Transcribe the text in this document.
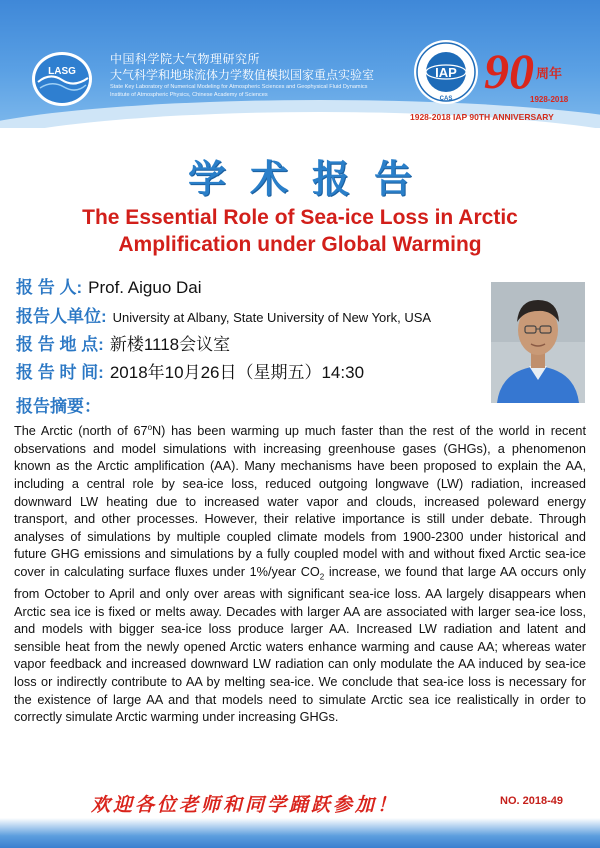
LASG
中国科学院大气物理研究所
大气科学和地球流体力学数值模拟国家重点实验室
State Key Laboratory of Numerical Modeling for Atmospheric Sciences and Geophysical Fluid Dynamics
Institute of Atmospheric Physics, Chinese Academy of Sciences
IAP
CAS 90 周年
1928-2018
1928-2018 IAP 90TH ANNIVERSARY
学术报告
The Essential Role of Sea-ice Loss in Arctic
Amplification under Global Warming
报 告 人: Prof. Aiguo Dai
报告人单位: University at Albany, State University of New York, USA
报 告 地 点: 新楼1118会议室
报 告 时 间: 2018年10月26日（星期五）14:30
报告摘要：
The Arctic (north of 67$^o$N) has been warming up much faster than the rest of the world in recent observations and model simulations with increasing greenhouse gases (GHGs), a phenomenon known as the Arctic amplification (AA). Many mechanisms have been proposed to explain the AA, including a central role by sea-ice loss, reduced outgoing longwave (LW) radiation, increased downward LW heating due to increased water vapor and clouds, increased poleward energy transport, and other processes. However, their relative importance is still under debate. Through analyses of simulations by multiple coupled climate models from 1900-2300 under historical and future GHG emissions and simulations by a fully coupled model with and without fixed Arctic sea-ice cover in calculating surface fluxes under 1%/year $CO_2$ increase, we found that large AA occurs only from October to April and only over areas with significant sea-ice loss. AA largely disappears when Arctic sea ice is fixed or melts away. Decades with larger AA are associated with larger sea-ice loss, and models with bigger sea-ice loss produce larger AA. Increased LW radiation and latent and sensible heat from the newly opened Arctic waters enhance warming and cause AA; whereas water vapor feedback and increased downward LW radiation can only modulate the AA induced by sea-ice loss or indirectly contribute to AA by melting sea-ice. We conclude that sea-ice loss is necessary for the existence of large AA and that models need to simulate Arctic sea ice realistically in order to correctly simulate Arctic warming under increasing GHGs.
欢迎各位老师和同学踊跃参加！	NO. 2018-49
